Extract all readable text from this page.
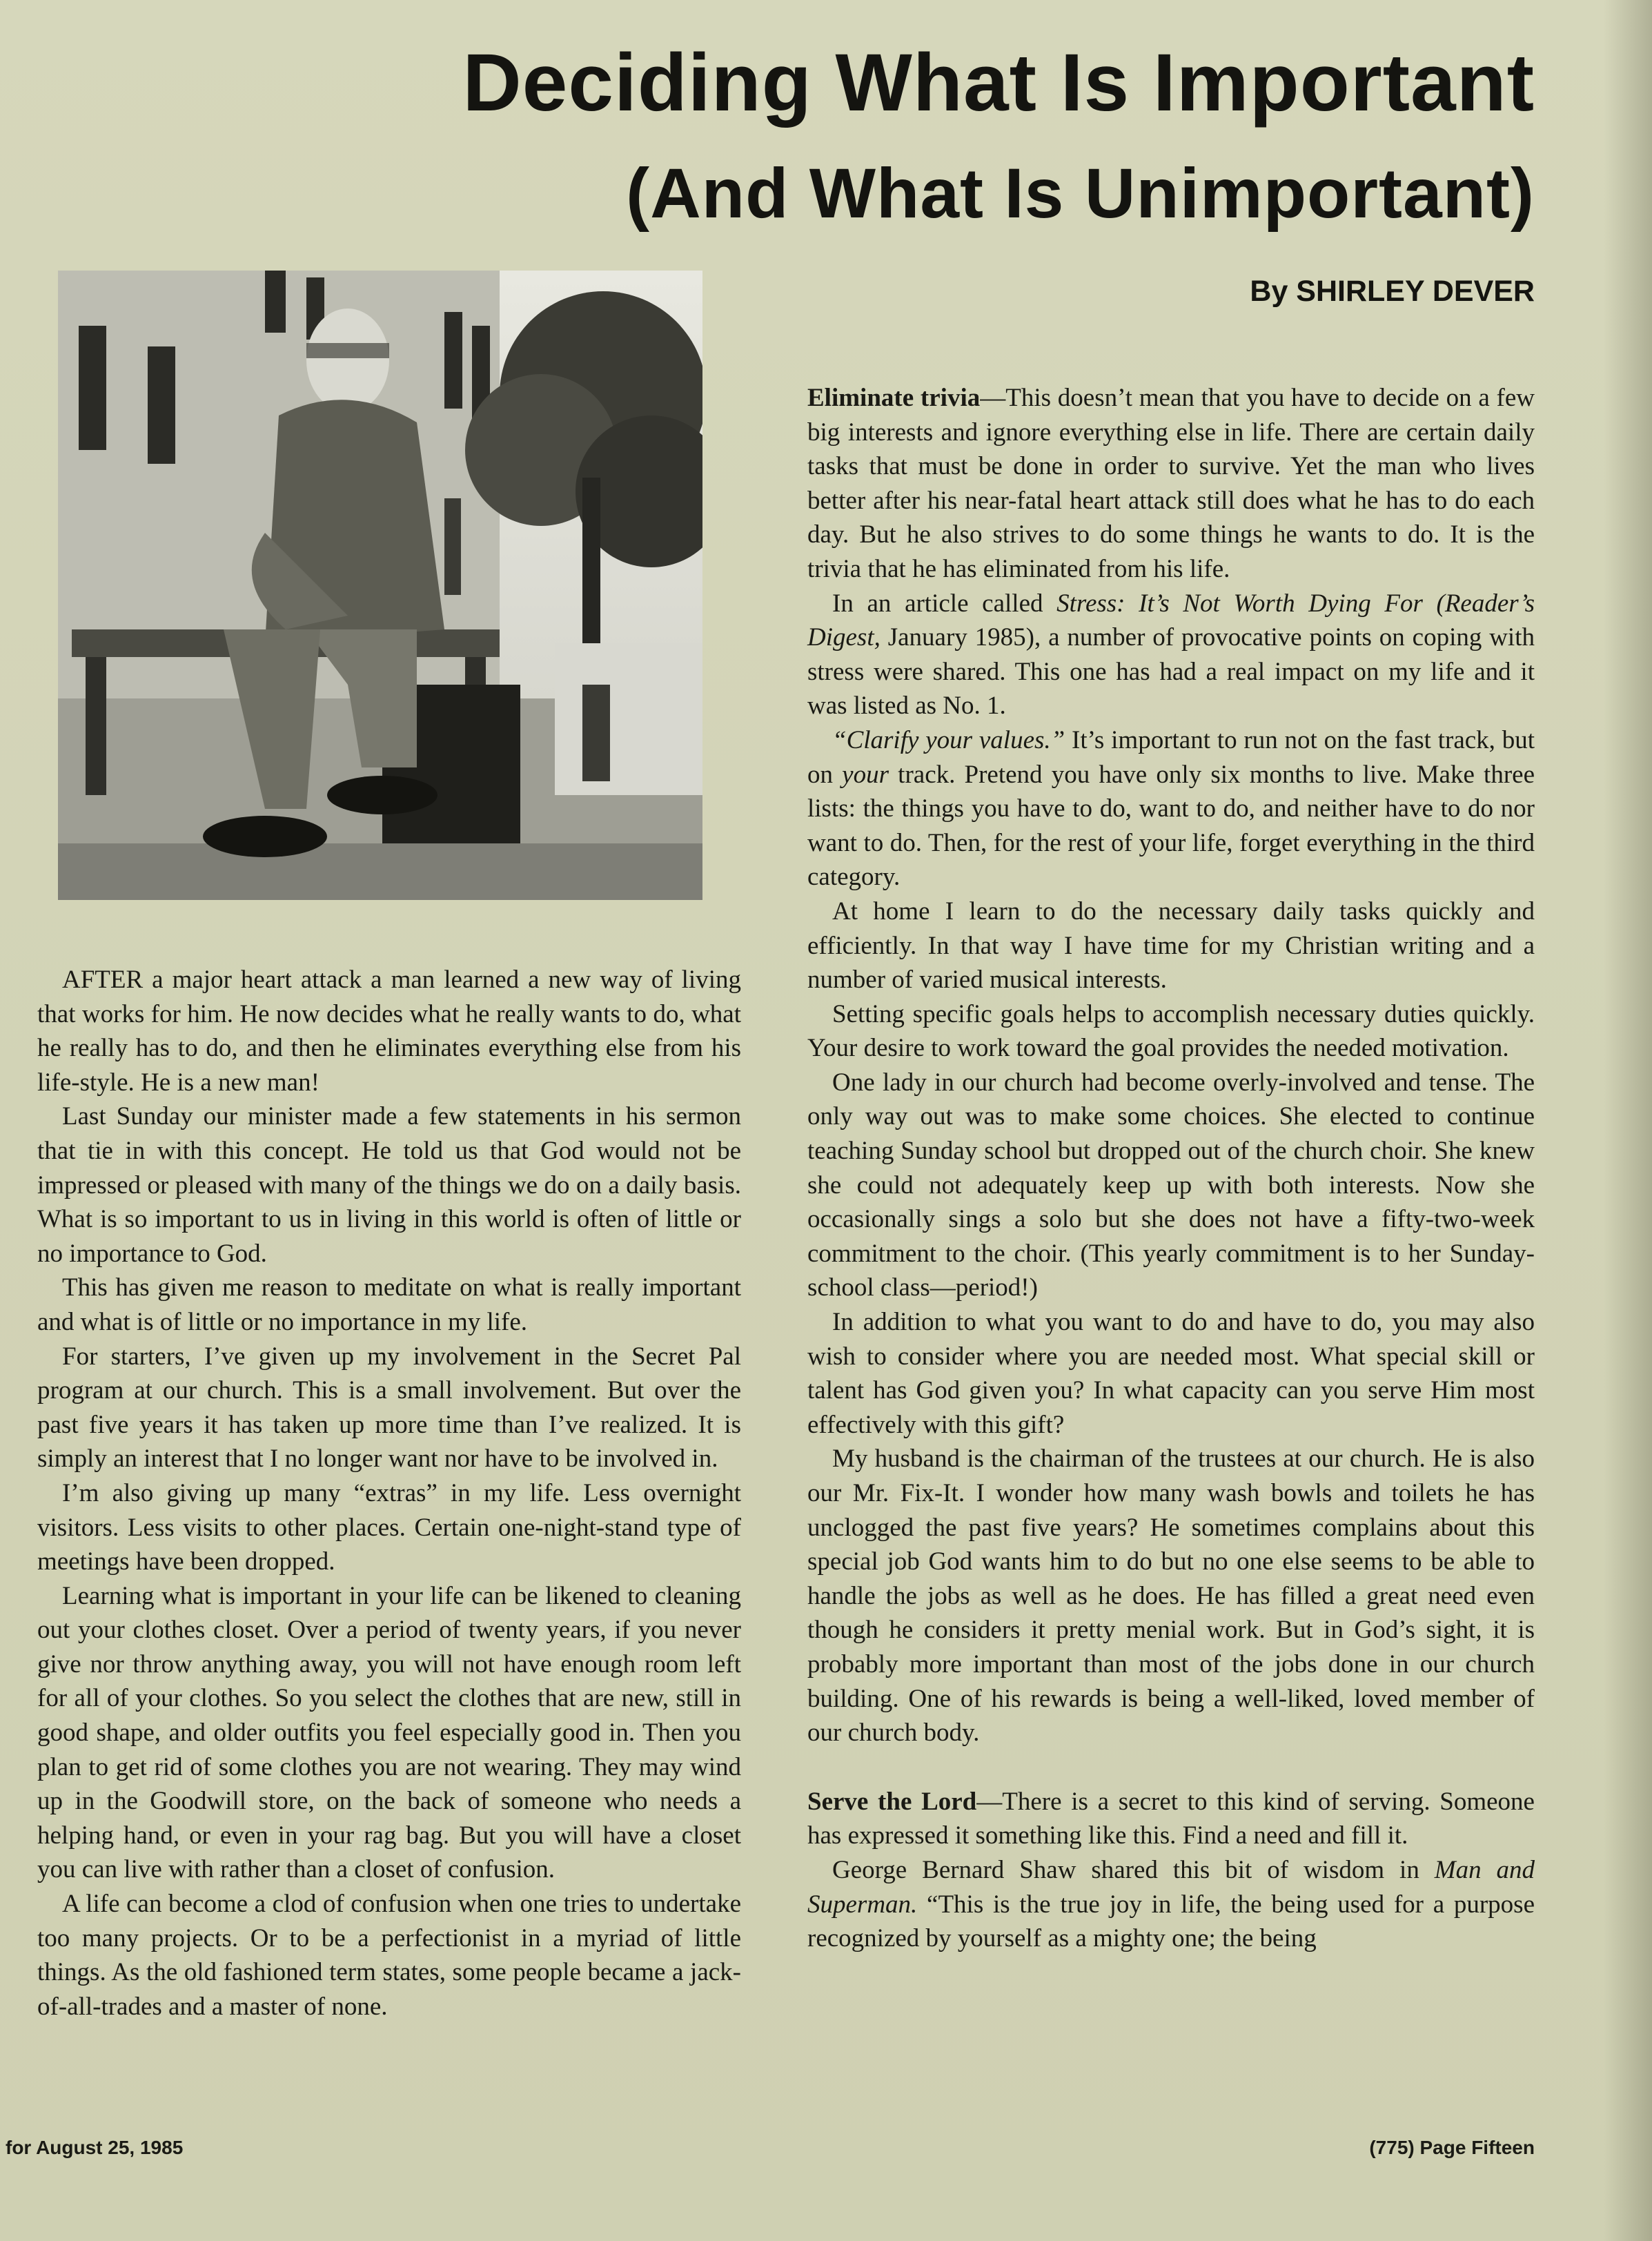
Deciding What Is Important
(And What Is Unimportant)
By SHIRLEY DEVER

AFTER a major heart attack a man learned a new way of living that works for him. He now decides what he really wants to do, what he really has to do, and then he eliminates everything else from his life-style. He is a new man!

Last Sunday our minister made a few statements in his sermon that tie in with this concept. He told us that God would not be impressed or pleased with many of the things we do on a daily basis. What is so important to us in living in this world is often of little or no importance to God.

This has given me reason to meditate on what is really important and what is of little or no importance in my life.

For starters, I’ve given up my involvement in the Secret Pal program at our church. This is a small involvement. But over the past five years it has taken up more time than I’ve realized. It is simply an interest that I no longer want nor have to be involved in.

I’m also giving up many “extras” in my life. Less overnight visitors. Less visits to other places. Certain one-night-stand type of meetings have been dropped.

Learning what is important in your life can be likened to cleaning out your clothes closet. Over a period of twenty years, if you never give nor throw anything away, you will not have enough room left for all of your clothes. So you select the clothes that are new, still in good shape, and older outfits you feel especially good in. Then you plan to get rid of some clothes you are not wearing. They may wind up in the Goodwill store, on the back of someone who needs a helping hand, or even in your rag bag. But you will have a closet you can live with rather than a closet of confusion.

A life can become a clod of confusion when one tries to undertake too many projects. Or to be a perfectionist in a myriad of little things. As the old fashioned term states, some people became a jack-of-all-trades and a master of none.

Eliminate trivia—This doesn’t mean that you have to decide on a few big interests and ignore everything else in life. There are certain daily tasks that must be done in order to survive. Yet the man who lives better after his near-fatal heart attack still does what he has to do each day. But he also strives to do some things he wants to do. It is the trivia that he has eliminated from his life.

In an article called Stress: It’s Not Worth Dying For (Reader’s Digest, January 1985), a number of provocative points on coping with stress were shared. This one has had a real impact on my life and it was listed as No. 1.

“Clarify your values.” It’s important to run not on the fast track, but on your track. Pretend you have only six months to live. Make three lists: the things you have to do, want to do, and neither have to do nor want to do. Then, for the rest of your life, forget everything in the third category.

At home I learn to do the necessary daily tasks quickly and efficiently. In that way I have time for my Christian writing and a number of varied musical interests.

Setting specific goals helps to accomplish necessary duties quickly. Your desire to work toward the goal provides the needed motivation.

One lady in our church had become overly-involved and tense. The only way out was to make some choices. She elected to continue teaching Sunday school but dropped out of the church choir. She knew she could not adequately keep up with both interests. Now she occasionally sings a solo but she does not have a fifty-two-week commitment to the choir. (This yearly commitment is to her Sunday-school class—period!)

In addition to what you want to do and have to do, you may also wish to consider where you are needed most. What special skill or talent has God given you? In what capacity can you serve Him most effectively with this gift?

My husband is the chairman of the trustees at our church. He is also our Mr. Fix-It. I wonder how many wash bowls and toilets he has unclogged the past five years? He sometimes complains about this special job God wants him to do but no one else seems to be able to handle the jobs as well as he does. He has filled a great need even though he considers it pretty menial work. But in God’s sight, it is probably more important than most of the jobs done in our church building. One of his rewards is being a well-liked, loved member of our church body.

Serve the Lord—There is a secret to this kind of serving. Someone has expressed it something like this. Find a need and fill it.

George Bernard Shaw shared this bit of wisdom in Man and Superman. “This is the true joy in life, the being used for a purpose recognized by yourself as a mighty one; the being

for August 25, 1985	(775) Page Fifteen
